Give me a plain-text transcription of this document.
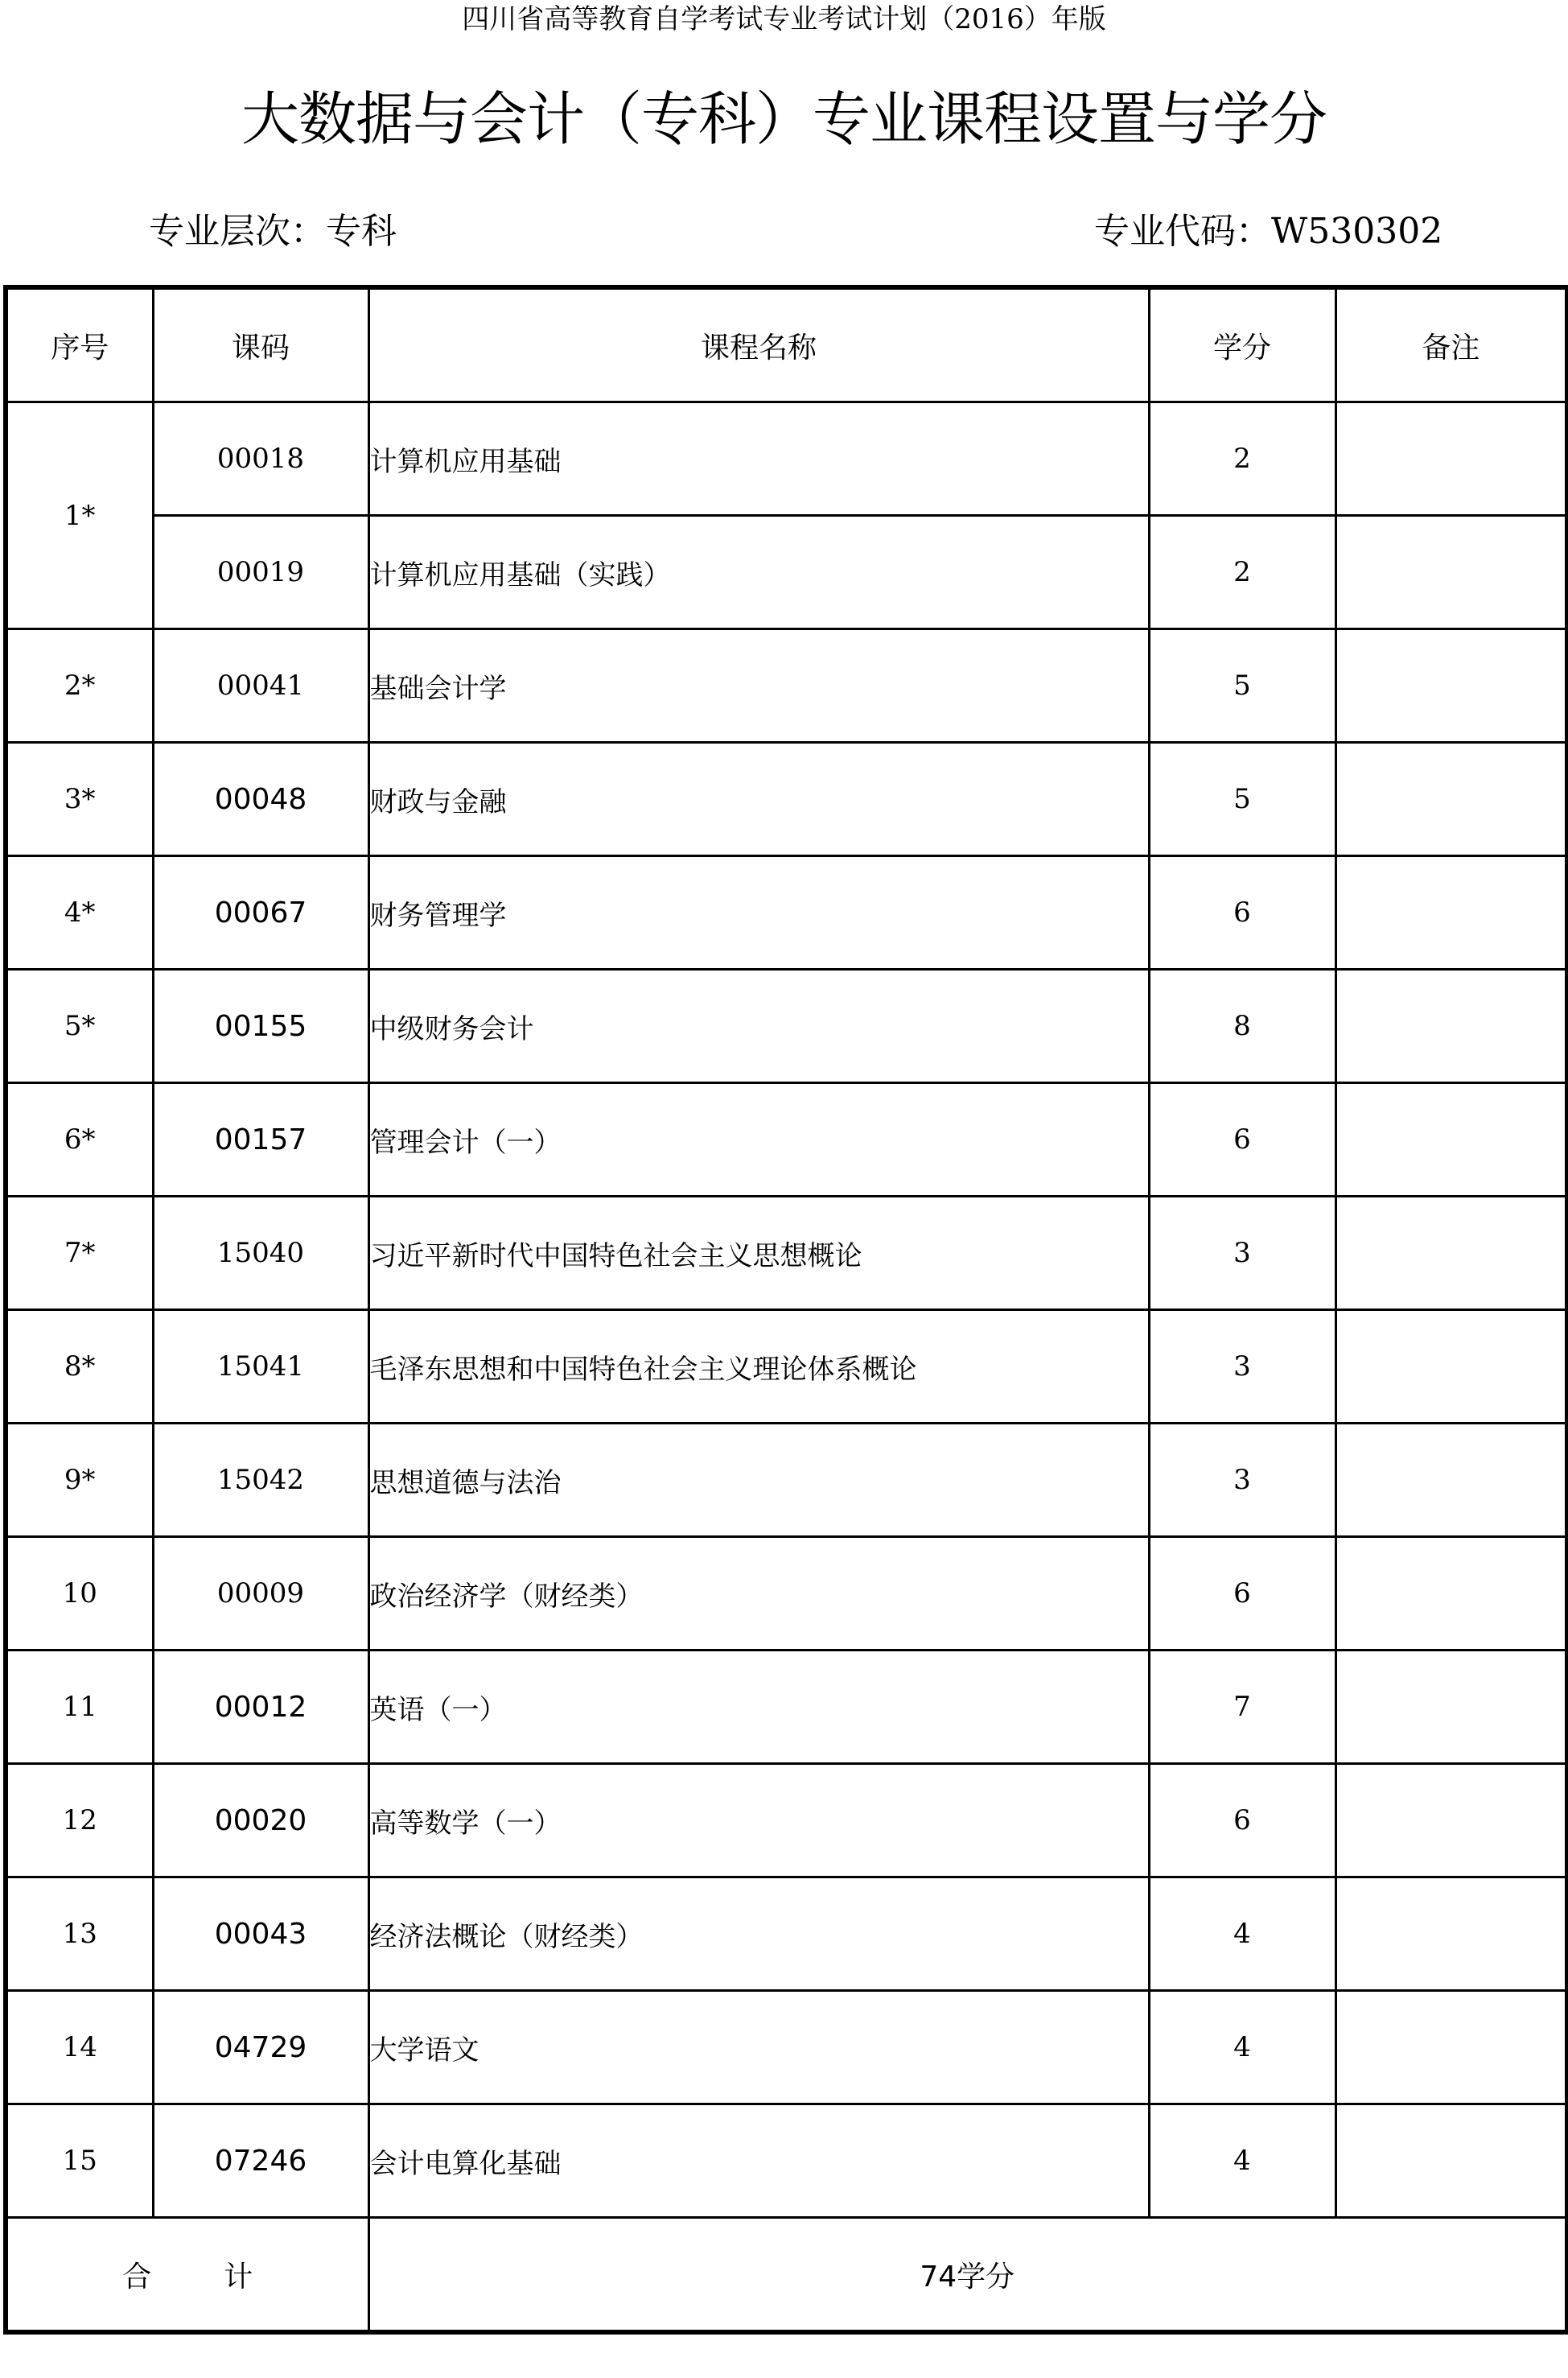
四川省高等教育自学考试专业考试计划（2016）年版
大数据与会计（专科）专业课程设置与学分
专业层次：专科	专业代码：W530302
序号	课码	课程名称	学分	备注
1*	00018	计算机应用基础	2	
	00019	计算机应用基础（实践）	2	
2*	00041	基础会计学	5	
3*	00048	财政与金融	5	
4*	00067	财务管理学	6	
5*	00155	中级财务会计	8	
6*	00157	管理会计（一）	6	
7*	15040	习近平新时代中国特色社会主义思想概论	3	
8*	15041	毛泽东思想和中国特色社会主义理论体系概论	3	
9*	15042	思想道德与法治	3	
10	00009	政治经济学（财经类）	6	
11	00012	英语（一）	7	
12	00020	高等数学（一）	6	
13	00043	经济法概论（财经类）	4	
14	04729	大学语文	4	
15	07246	会计电算化基础	4	
合计		74学分		
